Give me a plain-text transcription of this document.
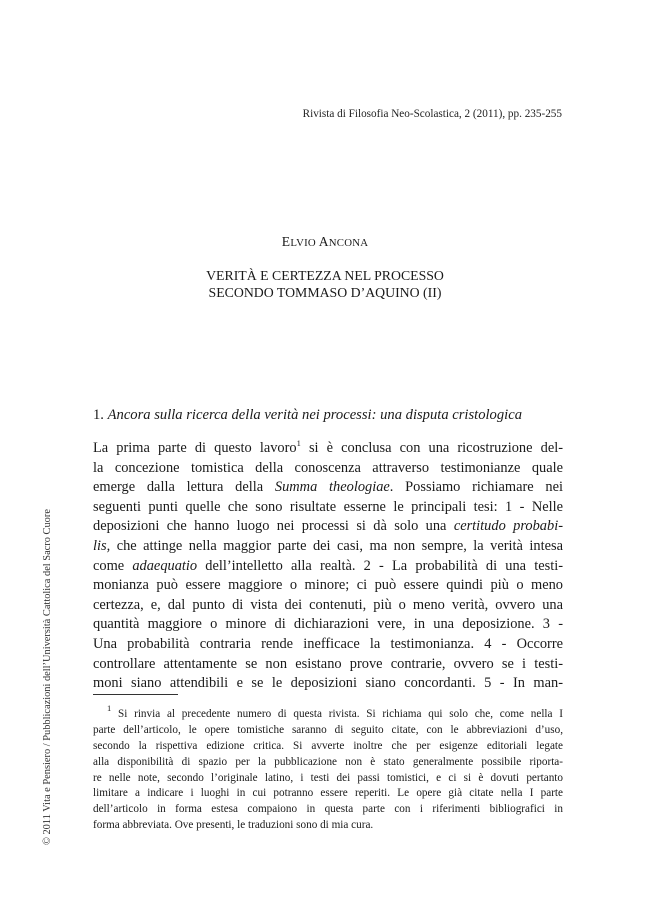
Rivista di Filosofia Neo-Scolastica, 2 (2011), pp. 235-255
ELVIO ANCONA
VERITÀ E CERTEZZA NEL PROCESSO
SECONDO TOMMASO D’AQUINO (II)
1. Ancora sulla ricerca della verità nei processi: una disputa cristologica
La prima parte di questo lavoro$^1$ si è conclusa con una ricostruzione del-
la concezione tomistica della conoscenza attraverso testimonianze quale
emerge dalla lettura della Summa theologiae. Possiamo richiamare nei
seguenti punti quelle che sono risultate esserne le principali tesi: 1 - Nelle
deposizioni che hanno luogo nei processi si dà solo una certitudo probabi-
lis, che attinge nella maggior parte dei casi, ma non sempre, la verità intesa
come adaequatio dell’intelletto alla realtà. 2 - La probabilità di una testi-
monianza può essere maggiore o minore; ci può essere quindi più o meno
certezza, e, dal punto di vista dei contenuti, più o meno verità, ovvero una
quantità maggiore o minore di dichiarazioni vere, in una deposizione. 3 -
Una probabilità contraria rende inefficace la testimonianza. 4 - Occorre
controllare attentamente se non esistano prove contrarie, ovvero se i testi-
moni siano attendibili e se le deposizioni siano concordanti. 5 - In man-
$^1$ Si rinvia al precedente numero di questa rivista. Si richiama qui solo che, come nella I
parte dell’articolo, le opere tomistiche saranno di seguito citate, con le abbreviazioni d’uso,
secondo la rispettiva edizione critica. Si avverte inoltre che per esigenze editoriali legate
alla disponibilità di spazio per la pubblicazione non è stato generalmente possibile riporta-
re nelle note, secondo l’originale latino, i testi dei passi tomistici, e ci si è dovuti pertanto
limitare a indicare i luoghi in cui potranno essere reperiti. Le opere già citate nella I parte
dell’articolo in forma estesa compaiono in questa parte con i riferimenti bibliografici in
forma abbreviata. Ove presenti, le traduzioni sono di mia cura.
© 2011 Vita e Pensiero / Pubblicazioni dell’Università Cattolica del Sacro Cuore
